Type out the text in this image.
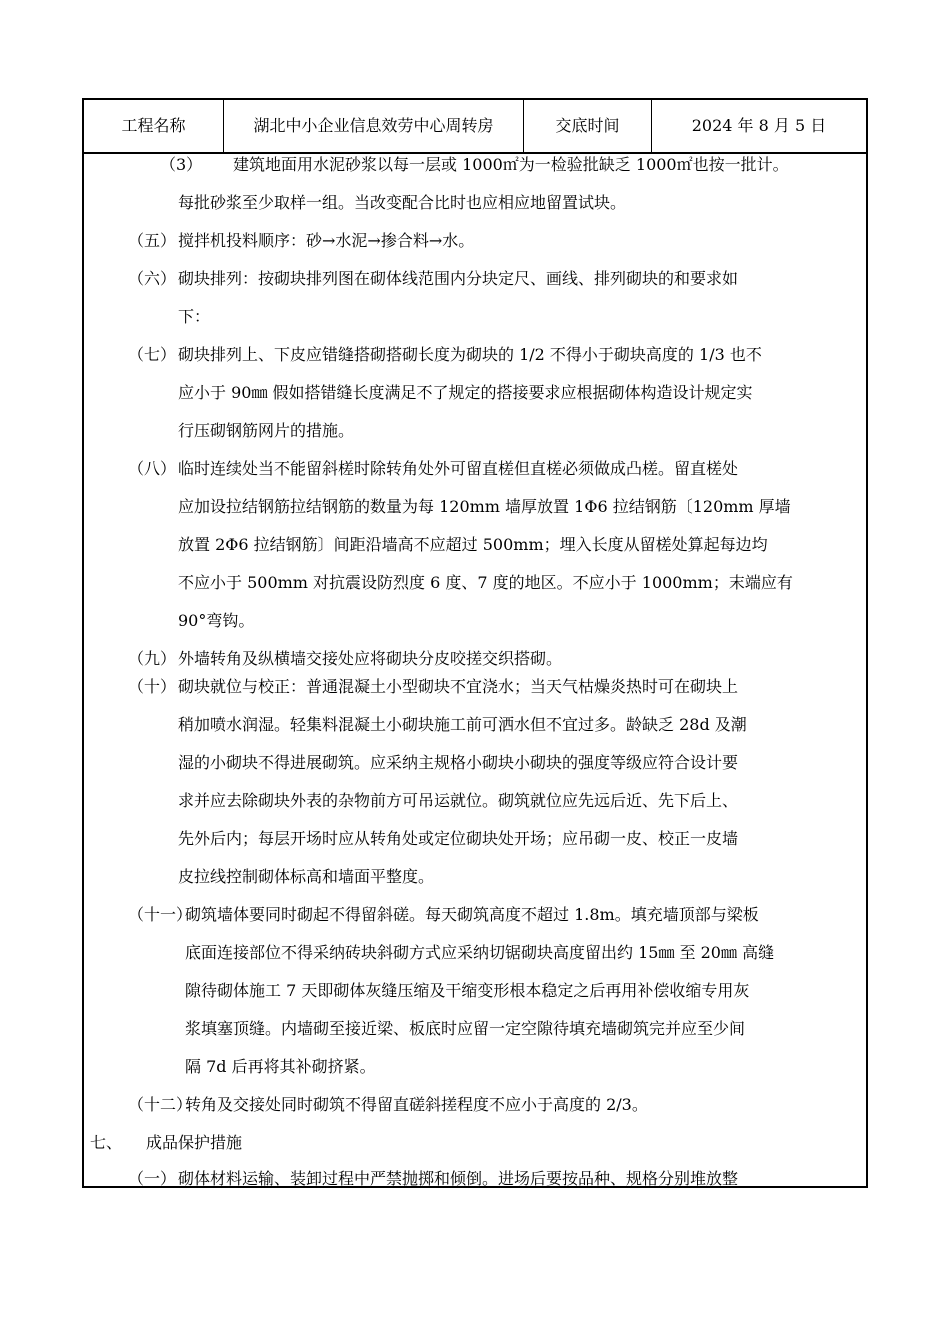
工程名称	湖北中小企业信息效劳中心周转房	交底时间	2024 年 8 月 5 日
（3） 建筑地面用水泥砂浆以每一层或 1000㎡为一检验批缺乏 1000㎡也按一批计。
每批砂浆至少取样一组。当改变配合比时也应相应地留置试块。
（五） 搅拌机投料顺序：砂→水泥→掺合料→水。
（六） 砌块排列：按砌块排列图在砌体线范围内分块定尺、画线、排列砌块的和要求如
下：
（七） 砌块排列上、下皮应错缝搭砌搭砌长度为砌块的 1/2 不得小于砌块高度的 1/3 也不
应小于 90㎜ 假如搭错缝长度满足不了规定的搭接要求应根据砌体构造设计规定实
行压砌钢筋网片的措施。
（八） 临时连续处当不能留斜槎时除转角处外可留直槎但直槎必须做成凸槎。留直槎处
应加设拉结钢筋拉结钢筋的数量为每 120mm 墙厚放置 1Φ6 拉结钢筋〔120mm 厚墙
放置 2Φ6 拉结钢筋〕间距沿墙高不应超过 500mm；埋入长度从留槎处算起每边均
不应小于 500mm 对抗震设防烈度 6 度、7 度的地区。不应小于 1000mm；末端应有
90°弯钩。
（九） 外墙转角及纵横墙交接处应将砌块分皮咬搓交织搭砌。
（十） 砌块就位与校正：普通混凝土小型砌块不宜浇水；当天气枯燥炎热时可在砌块上
稍加喷水润湿。轻集料混凝土小砌块施工前可洒水但不宜过多。龄缺乏 28d 及潮
湿的小砌块不得进展砌筑。应采纳主规格小砌块小砌块的强度等级应符合设计要
求并应去除砌块外表的杂物前方可吊运就位。砌筑就位应先远后近、先下后上、
先外后内；每层开场时应从转角处或定位砌块处开场；应吊砌一皮、校正一皮墙
皮拉线控制砌体标高和墙面平整度。
（十一）
砌筑墙体要同时砌起不得留斜磋。每天砌筑高度不超过 1.8m。填充墙顶部与梁板
底面连接部位不得采纳砖块斜砌方式应采纳切锯砌块高度留出约 15㎜ 至 20㎜ 高缝
隙待砌体施工 7 天即砌体灰缝压缩及干缩变形根本稳定之后再用补偿收缩专用灰
浆填塞顶缝。内墙砌至接近梁、板底时应留一定空隙待填充墙砌筑完并应至少间
隔 7d 后再将其补砌挤紧。
（十二）
转角及交接处同时砌筑不得留直磋斜搓程度不应小于高度的 2/3。
七、 成品保护措施
（一） 砌体材料运输、装卸过程中严禁抛掷和倾倒。进场后要按品种、规格分别堆放整
